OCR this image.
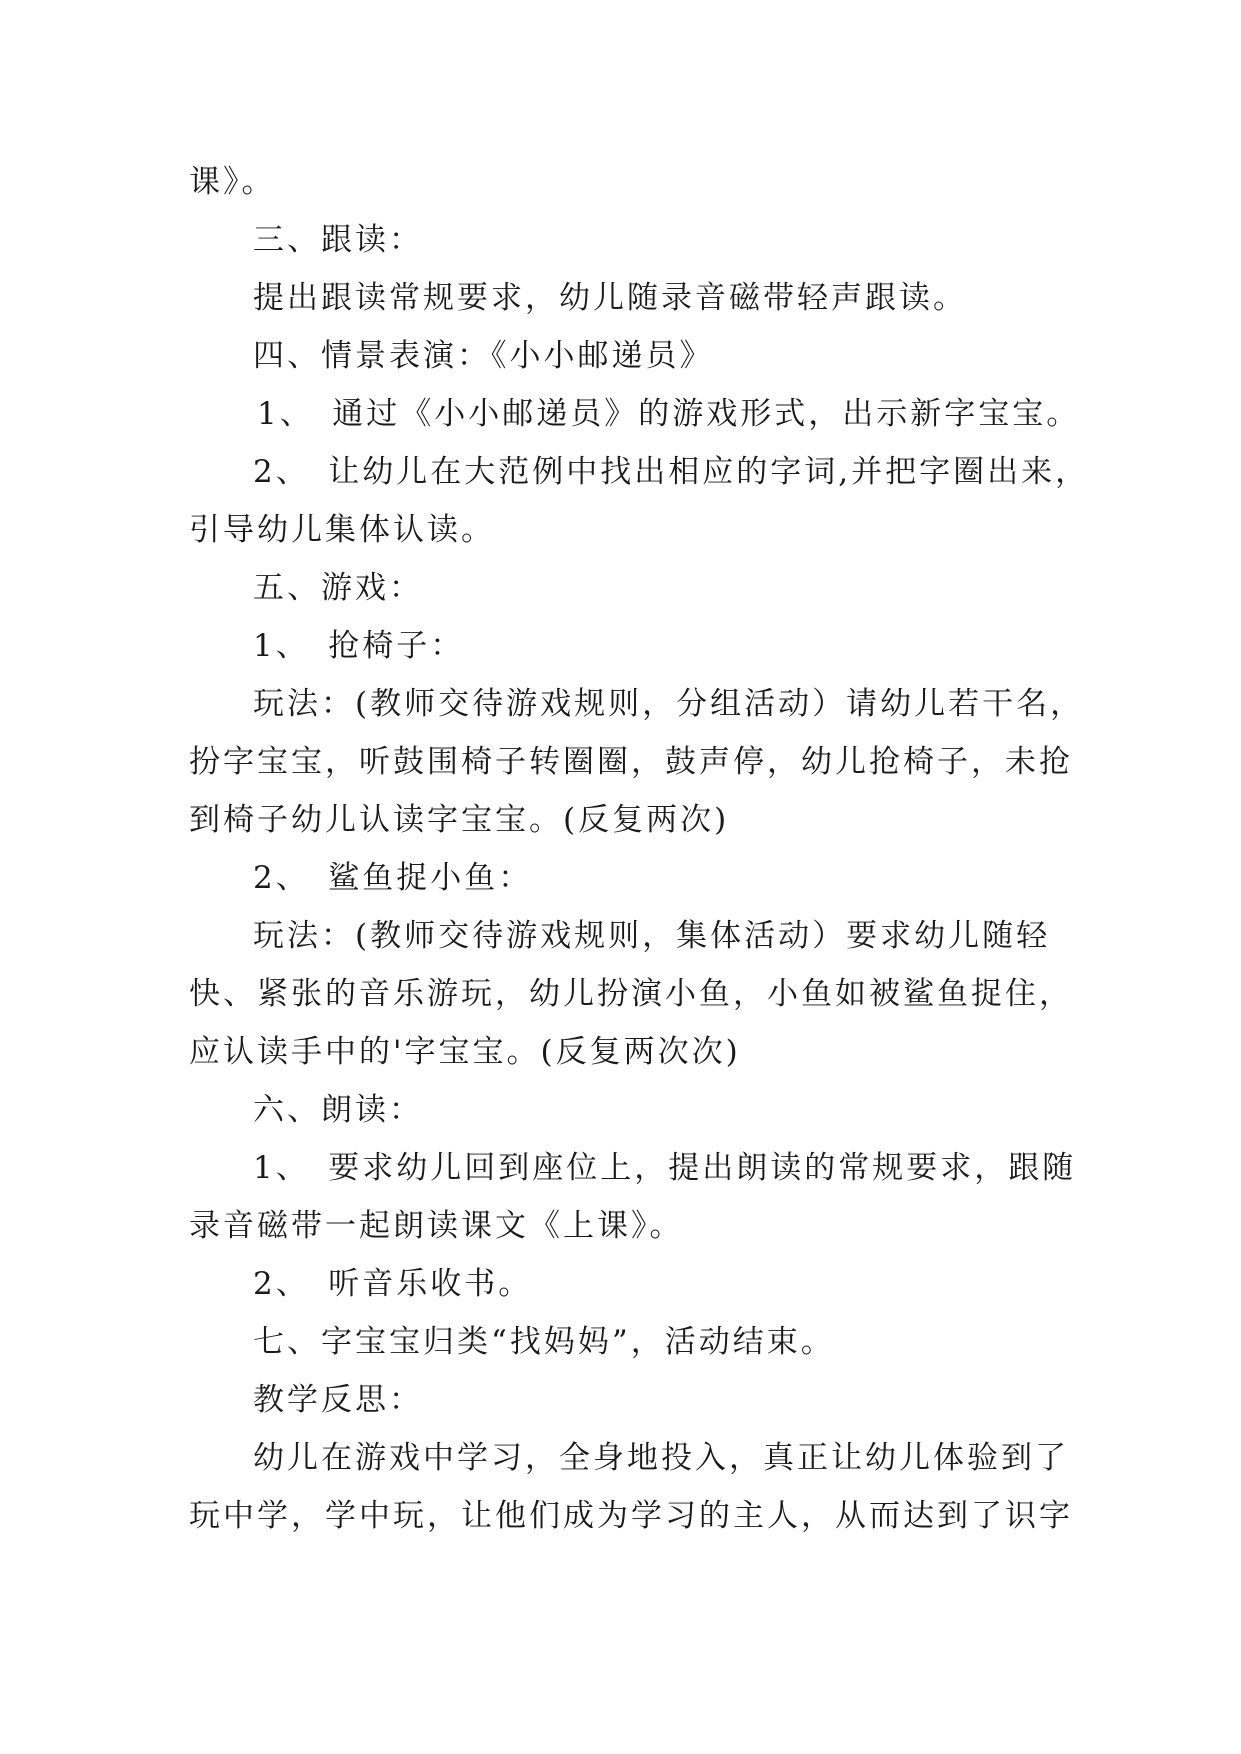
课》。
三、跟读：
提出跟读常规要求，幼儿随录音磁带轻声跟读。
四、情景表演：《小小邮递员》
1、　通过《小小邮递员》的游戏形式，出示新字宝宝。
2、　让幼儿在大范例中找出相应的字词,并把字圈出来，
引导幼儿集体认读。
五、游戏：
1、　抢椅子：
玩法：(教师交待游戏规则，分组活动）请幼儿若干名，
扮字宝宝，听鼓围椅子转圈圈，鼓声停，幼儿抢椅子，未抢
到椅子幼儿认读字宝宝。(反复两次)
2、　鲨鱼捉小鱼：
玩法：(教师交待游戏规则，集体活动）要求幼儿随轻
快、紧张的音乐游玩，幼儿扮演小鱼，小鱼如被鲨鱼捉住，
应认读手中的'字宝宝。(反复两次次)
六、朗读：
1、　要求幼儿回到座位上，提出朗读的常规要求，跟随
录音磁带一起朗读课文《上课》。
2、　听音乐收书。
七、字宝宝归类“找妈妈”，活动结束。
教学反思：
幼儿在游戏中学习，全身地投入，真正让幼儿体验到了
玩中学，学中玩，让他们成为学习的主人，从而达到了识字
